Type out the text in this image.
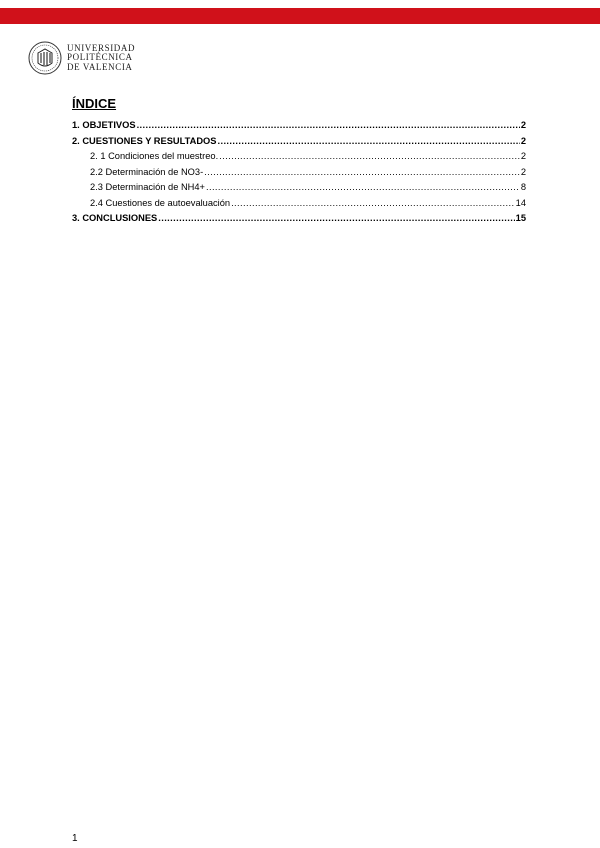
UNIVERSIDAD
POLITÉCNICA
DE VALENCIA
ÍNDICE
1. OBJETIVOS .....	2
2. CUESTIONES Y RESULTADOS .....	2
2. 1 Condiciones del muestreo. .....	2
2.2 Determinación de NO3- .....	2
2.3 Determinación de NH4+ .....	8
2.4 Cuestiones de autoevaluación .....	14
3. CONCLUSIONES .....	15
1
